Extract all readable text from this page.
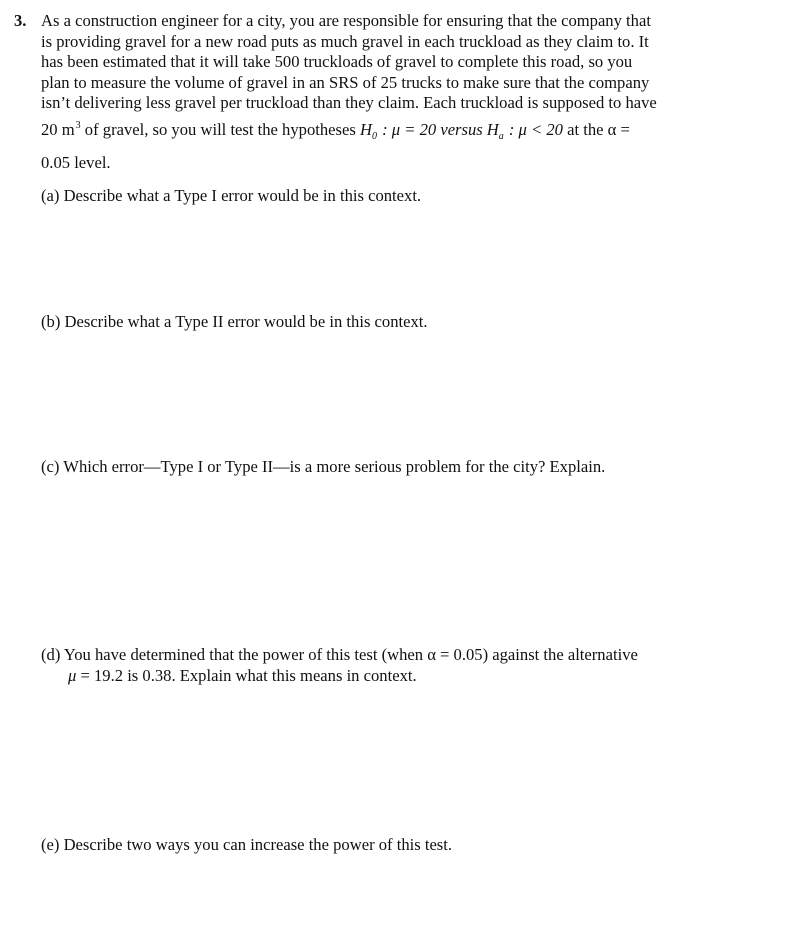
3. As a construction engineer for a city, you are responsible for ensuring that the company that
is providing gravel for a new road puts as much gravel in each truckload as they claim to. It
has been estimated that it will take 500 truckloads of gravel to complete this road, so you
plan to measure the volume of gravel in an SRS of 25 trucks to make sure that the company
isn’t delivering less gravel per truckload than they claim. Each truckload is supposed to have
20 $m^3$ of gravel, so you will test the hypotheses $H_0$ : μ = 20 versus $H_a$ : μ < 20 at the α =
0.05 level.
(a) Describe what a Type I error would be in this context.
(b) Describe what a Type II error would be in this context.
(c) Which error—Type I or Type II—is a more serious problem for the city? Explain.
(d) You have determined that the power of this test (when α = 0.05) against the alternative
μ = 19.2 is 0.38. Explain what this means in context.
(e) Describe two ways you can increase the power of this test.
